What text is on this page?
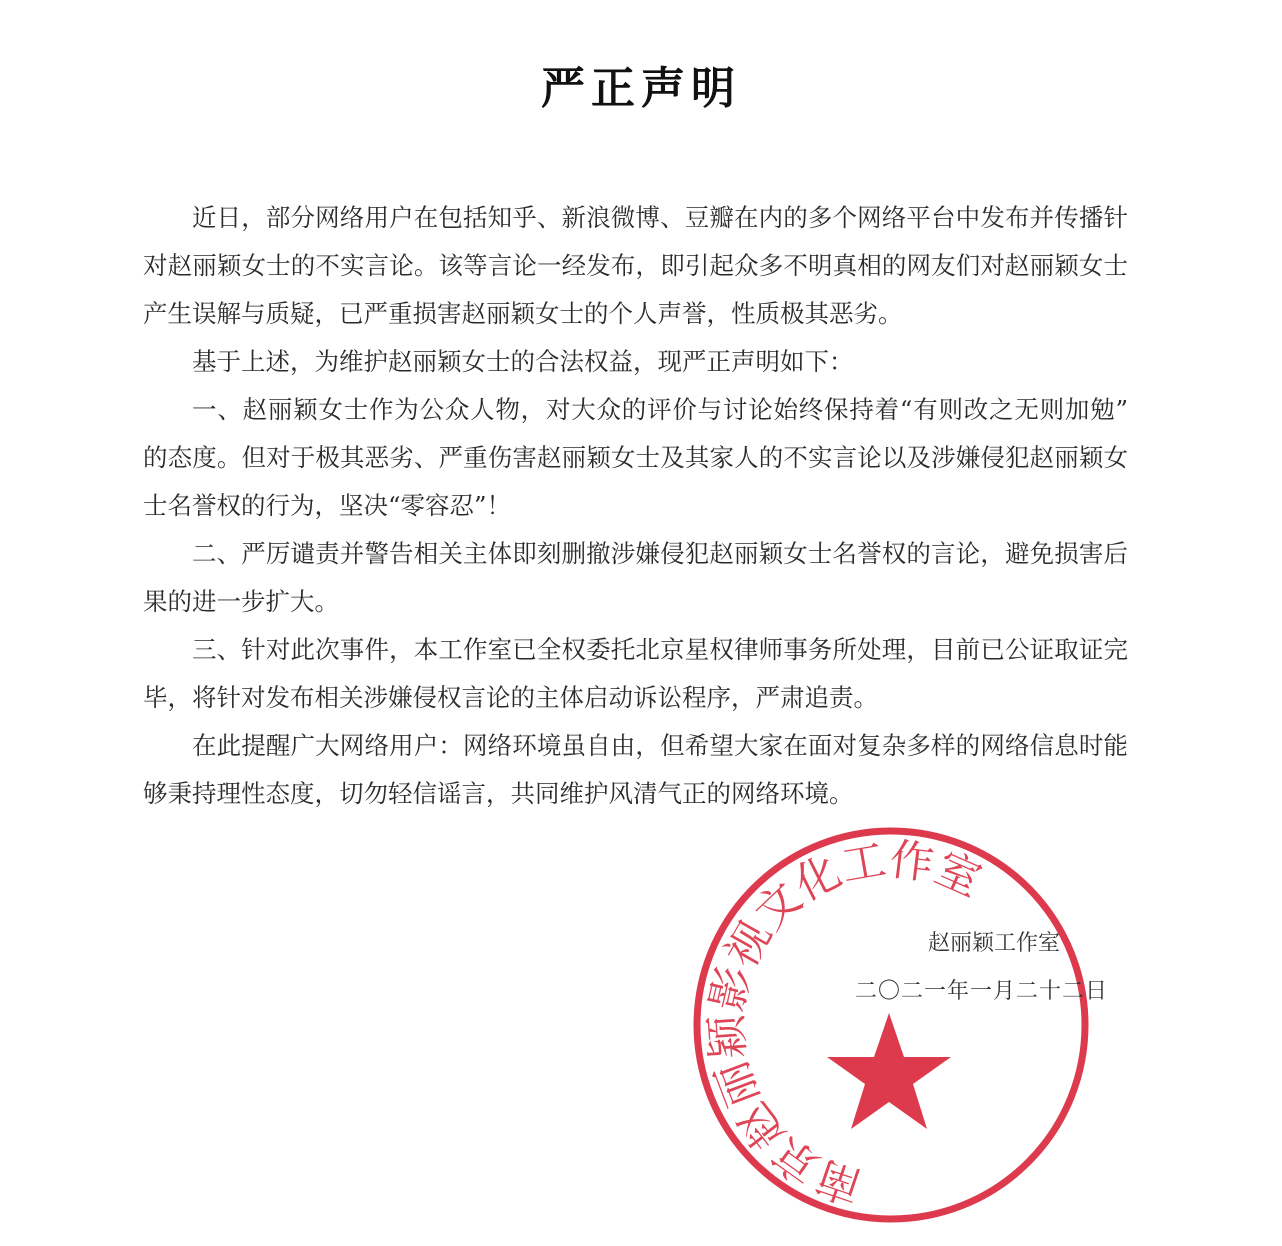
严正声明
近日，部分网络用户在包括知乎、新浪微博、豆瓣在内的多个网络平台中发布并传播针
对赵丽颖女士的不实言论。该等言论一经发布，即引起众多不明真相的网友们对赵丽颖女士
产生误解与质疑，已严重损害赵丽颖女士的个人声誉，性质极其恶劣。
基于上述，为维护赵丽颖女士的合法权益，现严正声明如下：
一、赵丽颖女士作为公众人物，对大众的评价与讨论始终保持着“有则改之无则加勉”
的态度。但对于极其恶劣、严重伤害赵丽颖女士及其家人的不实言论以及涉嫌侵犯赵丽颖女
士名誉权的行为，坚决“零容忍”！
二、严厉谴责并警告相关主体即刻删撤涉嫌侵犯赵丽颖女士名誉权的言论，避免损害后
果的进一步扩大。
三、针对此次事件，本工作室已全权委托北京星权律师事务所处理，目前已公证取证完
毕，将针对发布相关涉嫌侵权言论的主体启动诉讼程序，严肃追责。
在此提醒广大网络用户：网络环境虽自由，但希望大家在面对复杂多样的网络信息时能
够秉持理性态度，切勿轻信谣言，共同维护风清气正的网络环境。
南京赵丽颖影视文化工作室
赵丽颖工作室
二〇二一年一月二十二日
